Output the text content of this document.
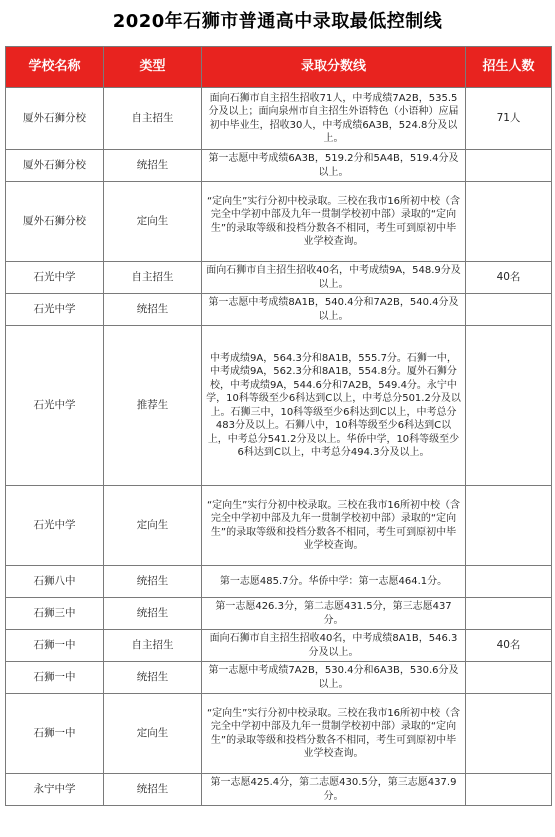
2020年石狮市普通高中录取最低控制线
学校名称	类型	录取分数线	招生人数
厦外石狮分校	自主招生	面向石狮市自主招生招收71人，中考成绩7A2B，535.5分及以上；面向泉州市自主招生外语特色（小语种）应届初中毕业生，招收30人，中考成绩6A3B，524.8分及以上。	71人
厦外石狮分校	统招生	第一志愿中考成绩6A3B，519.2分和5A4B，519.4分及以上。	
厦外石狮分校	定向生	“定向生”实行分初中校录取。三校在我市16所初中校（含完全中学初中部及九年一贯制学校初中部）录取的“定向生”的录取等级和投档分数各不相同，考生可到原初中毕业学校查询。	
石光中学	自主招生	面向石狮市自主招生招收40名，中考成绩9A，548.9分及以上。	40名
石光中学	统招生	第一志愿中考成绩8A1B，540.4分和7A2B，540.4分及以上。	
石光中学	推荐生	中考成绩9A，564.3分和8A1B，555.7分。石狮一中，中考成绩9A，562.3分和8A1B，554.8分。厦外石狮分校，中考成绩9A，544.6分和7A2B，549.4分。永宁中学，10科等级至少6科达到C以上，中考总分501.2分及以上。石狮三中，10科等级至少6科达到C以上，中考总分483分及以上。石狮八中，10科等级至少6科达到C以上，中考总分541.2分及以上。华侨中学，10科等级至少6科达到C以上，中考总分494.3分及以上。	
石光中学	定向生	“定向生”实行分初中校录取。三校在我市16所初中校（含完全中学初中部及九年一贯制学校初中部）录取的“定向生”的录取等级和投档分数各不相同，考生可到原初中毕业学校查询。	
石狮八中	统招生	第一志愿485.7分。华侨中学：第一志愿464.1分。	
石狮三中	统招生	第一志愿426.3分，第二志愿431.5分，第三志愿437分。	
石狮一中	自主招生	面向石狮市自主招生招收40名，中考成绩8A1B，546.3分及以上。	40名
石狮一中	统招生	第一志愿中考成绩7A2B，530.4分和6A3B，530.6分及以上。	
石狮一中	定向生	“定向生”实行分初中校录取。三校在我市16所初中校（含完全中学初中部及九年一贯制学校初中部）录取的“定向生”的录取等级和投档分数各不相同，考生可到原初中毕业学校查询。	
永宁中学	统招生	第一志愿425.4分，第二志愿430.5分，第三志愿437.9分。	
